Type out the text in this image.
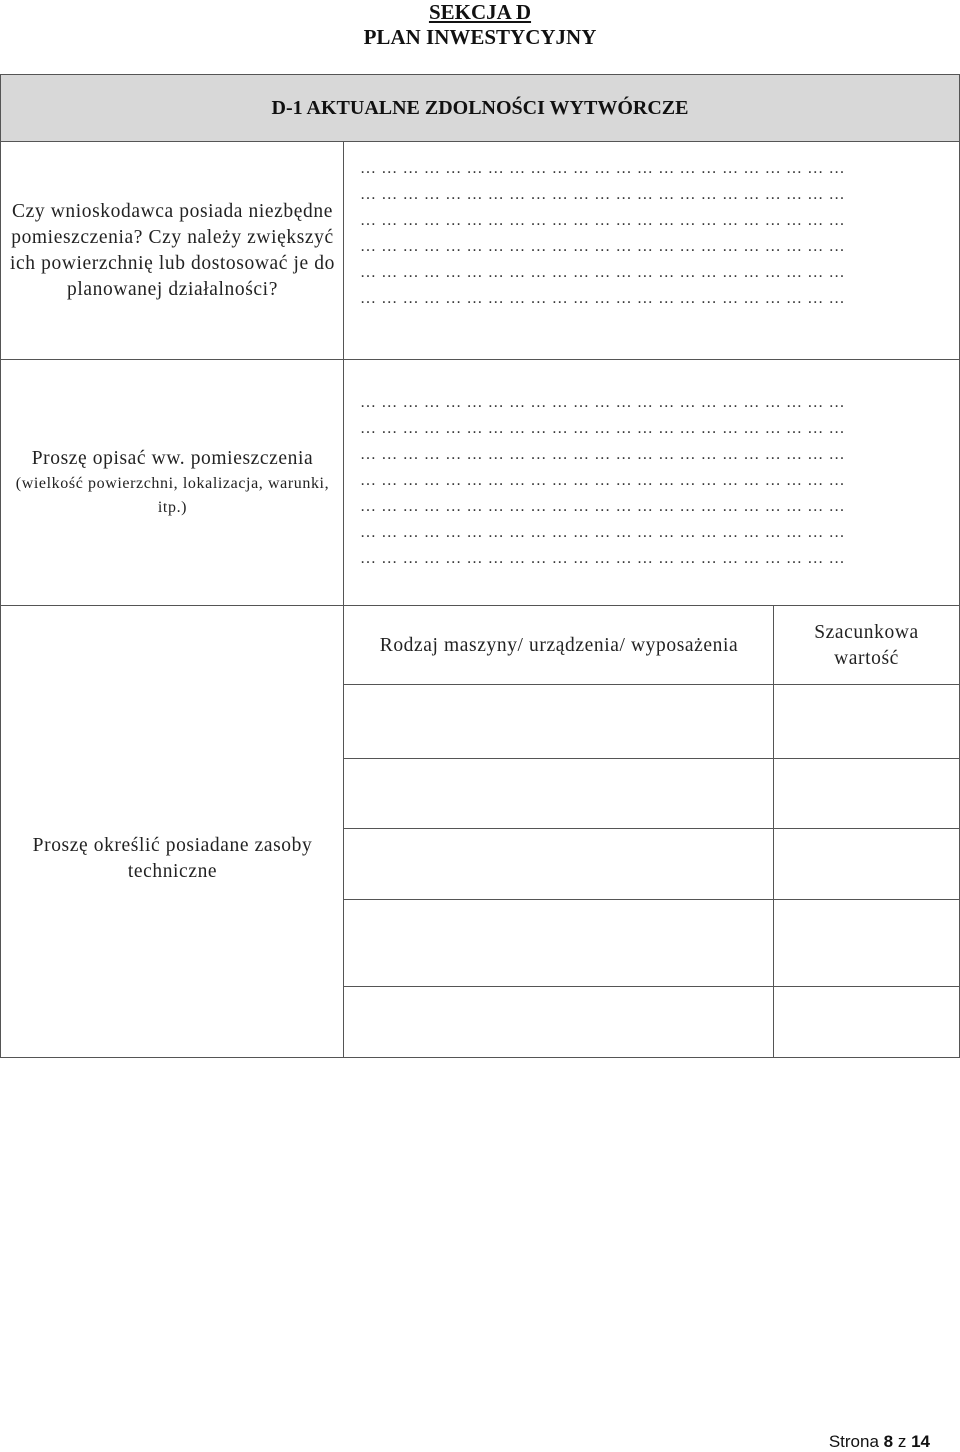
SEKCJA D
PLAN INWESTYCYJNY
D-1 AKTUALNE ZDOLNOŚCI WYTWÓRCZE
Czy wnioskodawca posiada niezbędne pomieszczenia? Czy należy zwiększyć ich powierzchnię lub dostosować je do planowanej działalności?
……………………………………………………………
……………………………………………………………
……………………………………………………………
……………………………………………………………
……………………………………………………………
……………………………………………………………
Proszę opisać ww. pomieszczenia
(wielkość powierzchni, lokalizacja, warunki, itp.)
……………………………………………………………
……………………………………………………………
……………………………………………………………
……………………………………………………………
……………………………………………………………
……………………………………………………………
……………………………………………………………
Proszę określić posiadane zasoby techniczne
Rodzaj maszyny/ urządzenia/ wyposażenia
Szacunkowa wartość
Strona 8 z 14
